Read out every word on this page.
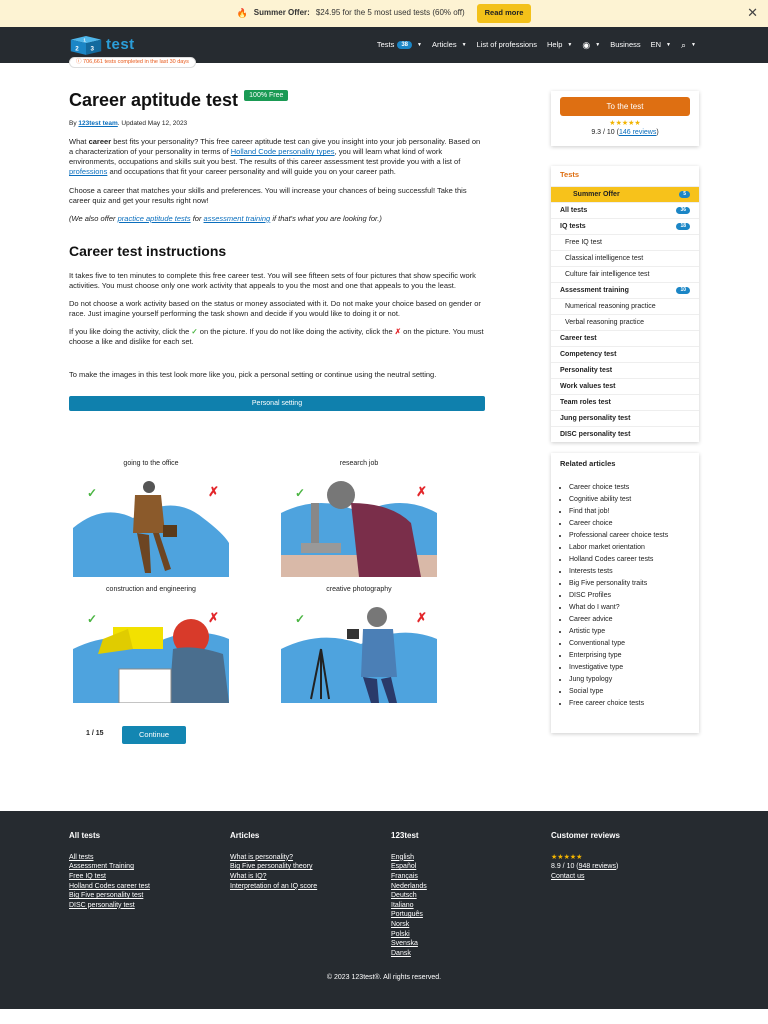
🔥 Summer Offer: $24.95 for the 5 most used tests (60% off)	Read more	✕
2 3
1 test	Tests	38	▼ Articles ▼ List of professions Help ▼ ◉ ▼ Business EN ▼ ⌕ ▼
ⓘ 706,661 tests completed in the last 30 days
Career aptitude test 100% Free
By 123test team. Updated May 12, 2023

What career best fits your personality? This free career aptitude test can give you insight into your job personality. Based on a characterization of your personality in terms of Holland Code personality types, you will learn what kind of work environments, occupations and skills suit you best. The results of this career assessment test provide you with a list of professions and occupations that fit your career personality and will guide you on your career path.

Choose a career that matches your skills and preferences. You will increase your chances of being successful! Take this career quiz and get your results right now!

(We also offer practice aptitude tests for assessment training if that's what you are looking for.)

Career test instructions

It takes five to ten minutes to complete this free career test. You will see fifteen sets of four pictures that show specific work activities. You must choose only one work activity that appeals to you the most and one that appeals to you the least.

Do not choose a work activity based on the status or money associated with it. Do not make your choice based on gender or race. Just imagine yourself performing the task shown and decide if you would like to doing it or not.

If you like doing the activity, click the ✓ on the picture. If you do not like doing the activity, click the ✗ on the picture. You must choose a like and dislike for each set.

To make the images in this test look more like you, pick a personal setting or continue using the neutral setting.

Personal setting
going to the office
✓	✗
research job
✓	✗
construction and engineering
✓	✗
creative photography
✓	✗
1 / 15	Continue
To the test
★★★★★
9.3 / 10 (146 reviews)
Tests
Summer Offer	5
All tests	36
IQ tests	18
Free IQ test
Classical intelligence test
Culture fair intelligence test
Assessment training	10
Numerical reasoning practice
Verbal reasoning practice
Career test
Competency test
Personality test
Work values test
Team roles test
Jung personality test
DISC personality test
Related articles
• Career choice tests
• Cognitive ability test
• Find that job!
• Career choice
• Professional career choice tests
• Labor market orientation
• Holland Codes career tests
• Interests tests
• Big Five personality traits
• DISC Profiles
• What do I want?
• Career advice
• Artistic type
• Conventional type
• Enterprising type
• Investigative type
• Jung typology
• Social type
• Free career choice tests
All tests
All tests
Assessment Training
Free IQ test
Holland Codes career test
Big Five personality test
DISC personality test
Articles
What is personality?
Big Five personality theory
What is IQ?
Interpretation of an IQ score
123test
English
Español
Français
Nederlands
Deutsch
Italiano
Português
Norsk
Polski
Svenska
Dansk
Customer reviews
★★★★★
8.9 / 10 (948 reviews)
Contact us
© 2023 123test®. All rights reserved.
